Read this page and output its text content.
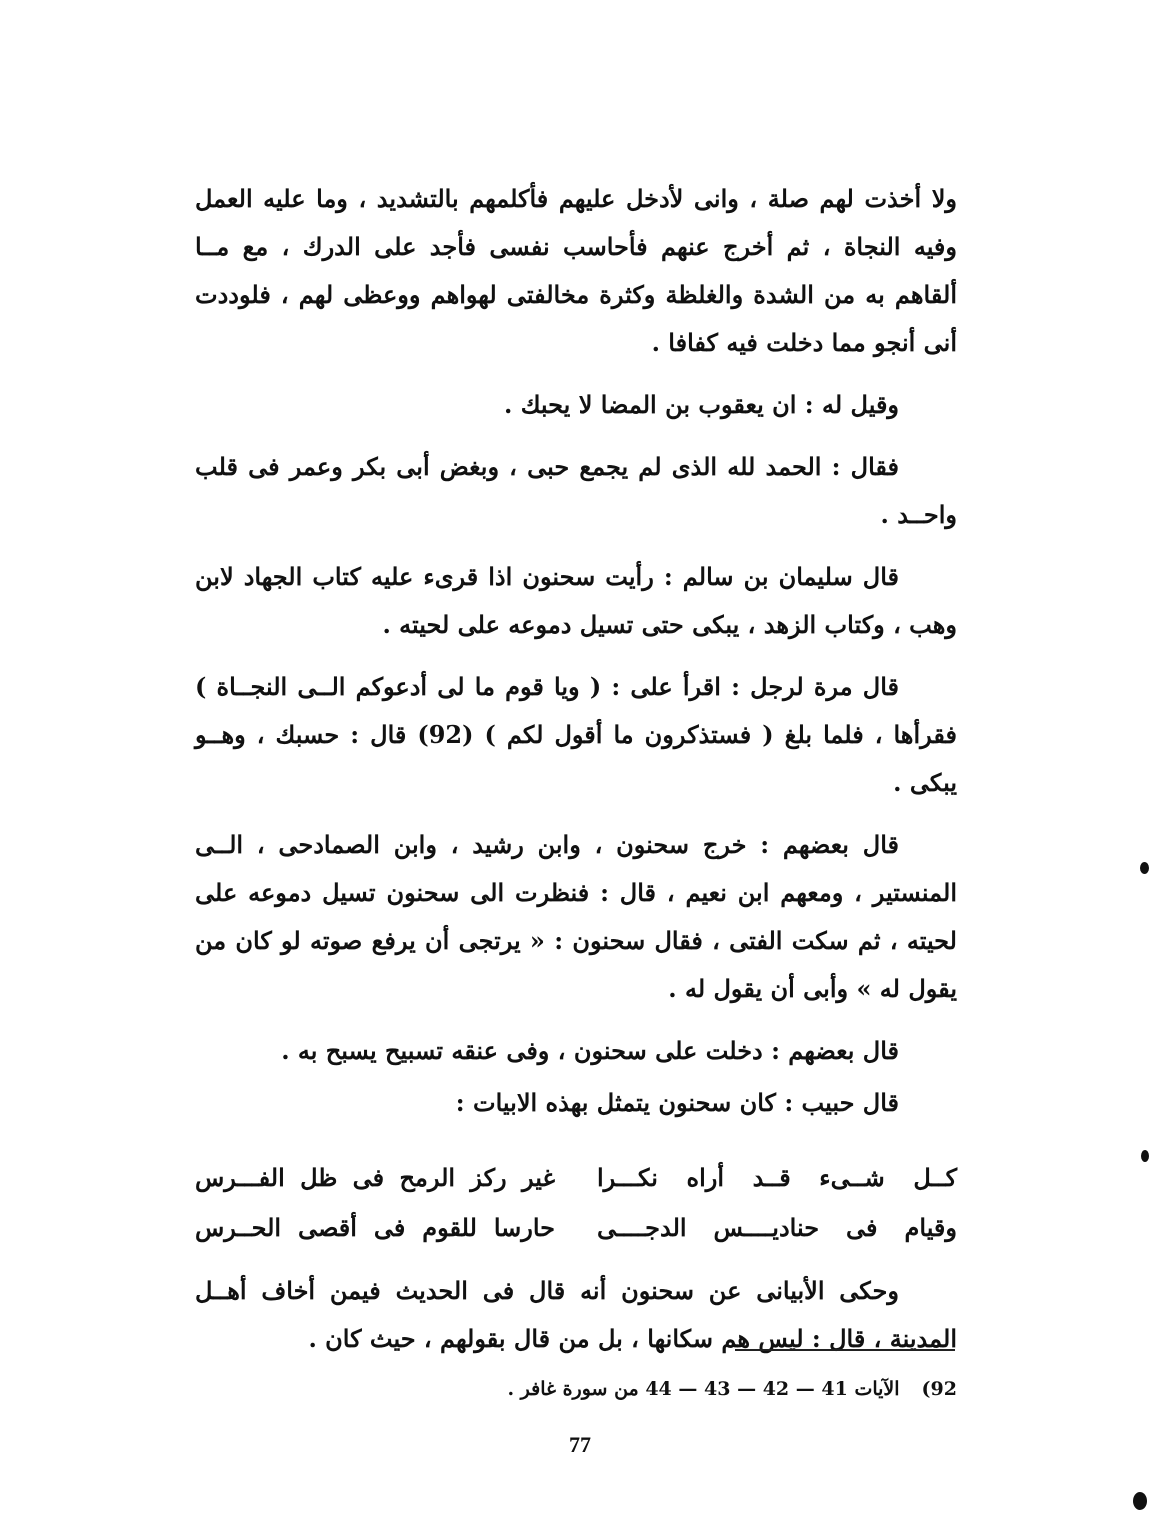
ولا أخذت لهم صلة ، وانى لأدخل عليهم فأكلمهم بالتشديد ، وما عليه العمل وفيه النجاة ، ثم أخرج عنهم فأحاسب نفسى فأجد على الدرك ، مع مــا ألقاهم به من الشدة والغلظة وكثرة مخالفتى لهواهم ووعظى لهم ، فلوددت أنى أنجو مما دخلت فيه كفافا .

وقيل له : ان يعقوب بن المضا لا يحبك .

فقال : الحمد لله الذى لم يجمع حبى ، وبغض أبى بكر وعمر فى قلب واحــد .

قال سليمان بن سالم : رأيت سحنون اذا قرىء عليه كتاب الجهاد لابن وهب ، وكتاب الزهد ، يبكى حتى تسيل دموعه على لحيته .

قال مرة لرجل : اقرأ على : ( ويا قوم ما لى أدعوكم الــى النجــاة ) فقرأها ، فلما بلغ ( فستذكرون ما أقول لكم ) (92) قال : حسبك ، وهــو يبكى .

قال بعضهم : خرج سحنون ، وابن رشيد ، وابن الصمادحى ، الــى المنستير ، ومعهم ابن نعيم ، قال : فنظرت الى سحنون تسيل دموعه على لحيته ، ثم سكت الفتى ، فقال سحنون : « يرتجى أن يرفع صوته لو كان من يقول له » وأبى أن يقول له .

قال بعضهم : دخلت على سحنون ، وفى عنقه تسبيح يسبح به .

قال حبيب : كان سحنون يتمثل بهذه الابيات :

كــل شــىء قــد أراه نكـــرا
غير ركز الرمح فى ظل الفـــرس
وقيام فى حناديــــس الدجــــى
حارسا للقوم فى أقصى الحــرس

وحكى الأبيانى عن سحنون أنه قال فى الحديث فيمن أخاف أهــل المدينة ، قال : ليس هم سكانها ، بل من قال بقولهم ، حيث كان .

92)الآيات 41 — 42 — 43 — 44 من سورة غافر .
77
